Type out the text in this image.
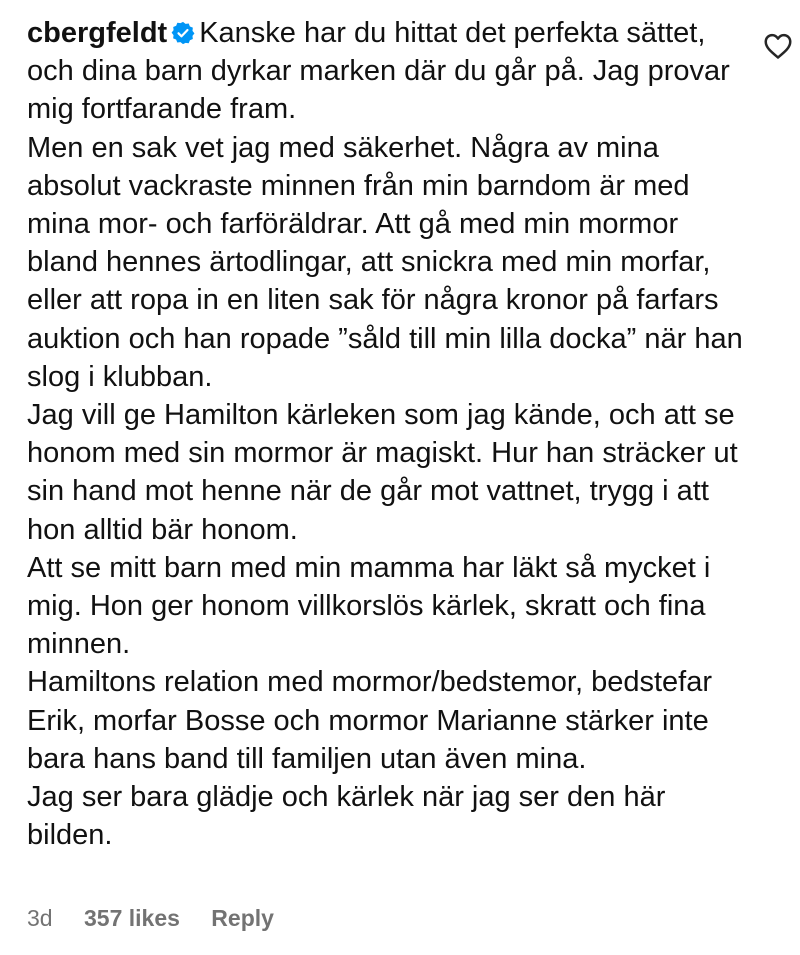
cbergfeldt Kanske har du hittat det perfekta sättet, och dina barn dyrkar marken där du går på. Jag provar mig fortfarande fram.

Men en sak vet jag med säkerhet. Några av mina absolut vackraste minnen från min barndom är med mina mor- och farföräldrar. Att gå med min mormor bland hennes ärtodlingar, att snickra med min morfar, eller att ropa in en liten sak för några kronor på farfars auktion och han ropade ”såld till min lilla docka” när han slog i klubban.

Jag vill ge Hamilton kärleken som jag kände, och att se honom med sin mormor är magiskt. Hur han sträcker ut sin hand mot henne när de går mot vattnet, trygg i att hon alltid bär honom.

Att se mitt barn med min mamma har läkt så mycket i mig. Hon ger honom villkorslös kärlek, skratt och fina minnen.

Hamiltons relation med mormor/bedstemor, bedstefar Erik, morfar Bosse och mormor Marianne stärker inte bara hans band till familjen utan även mina.

Jag ser bara glädje och kärlek när jag ser den här bilden.

3d 357 likes Reply
